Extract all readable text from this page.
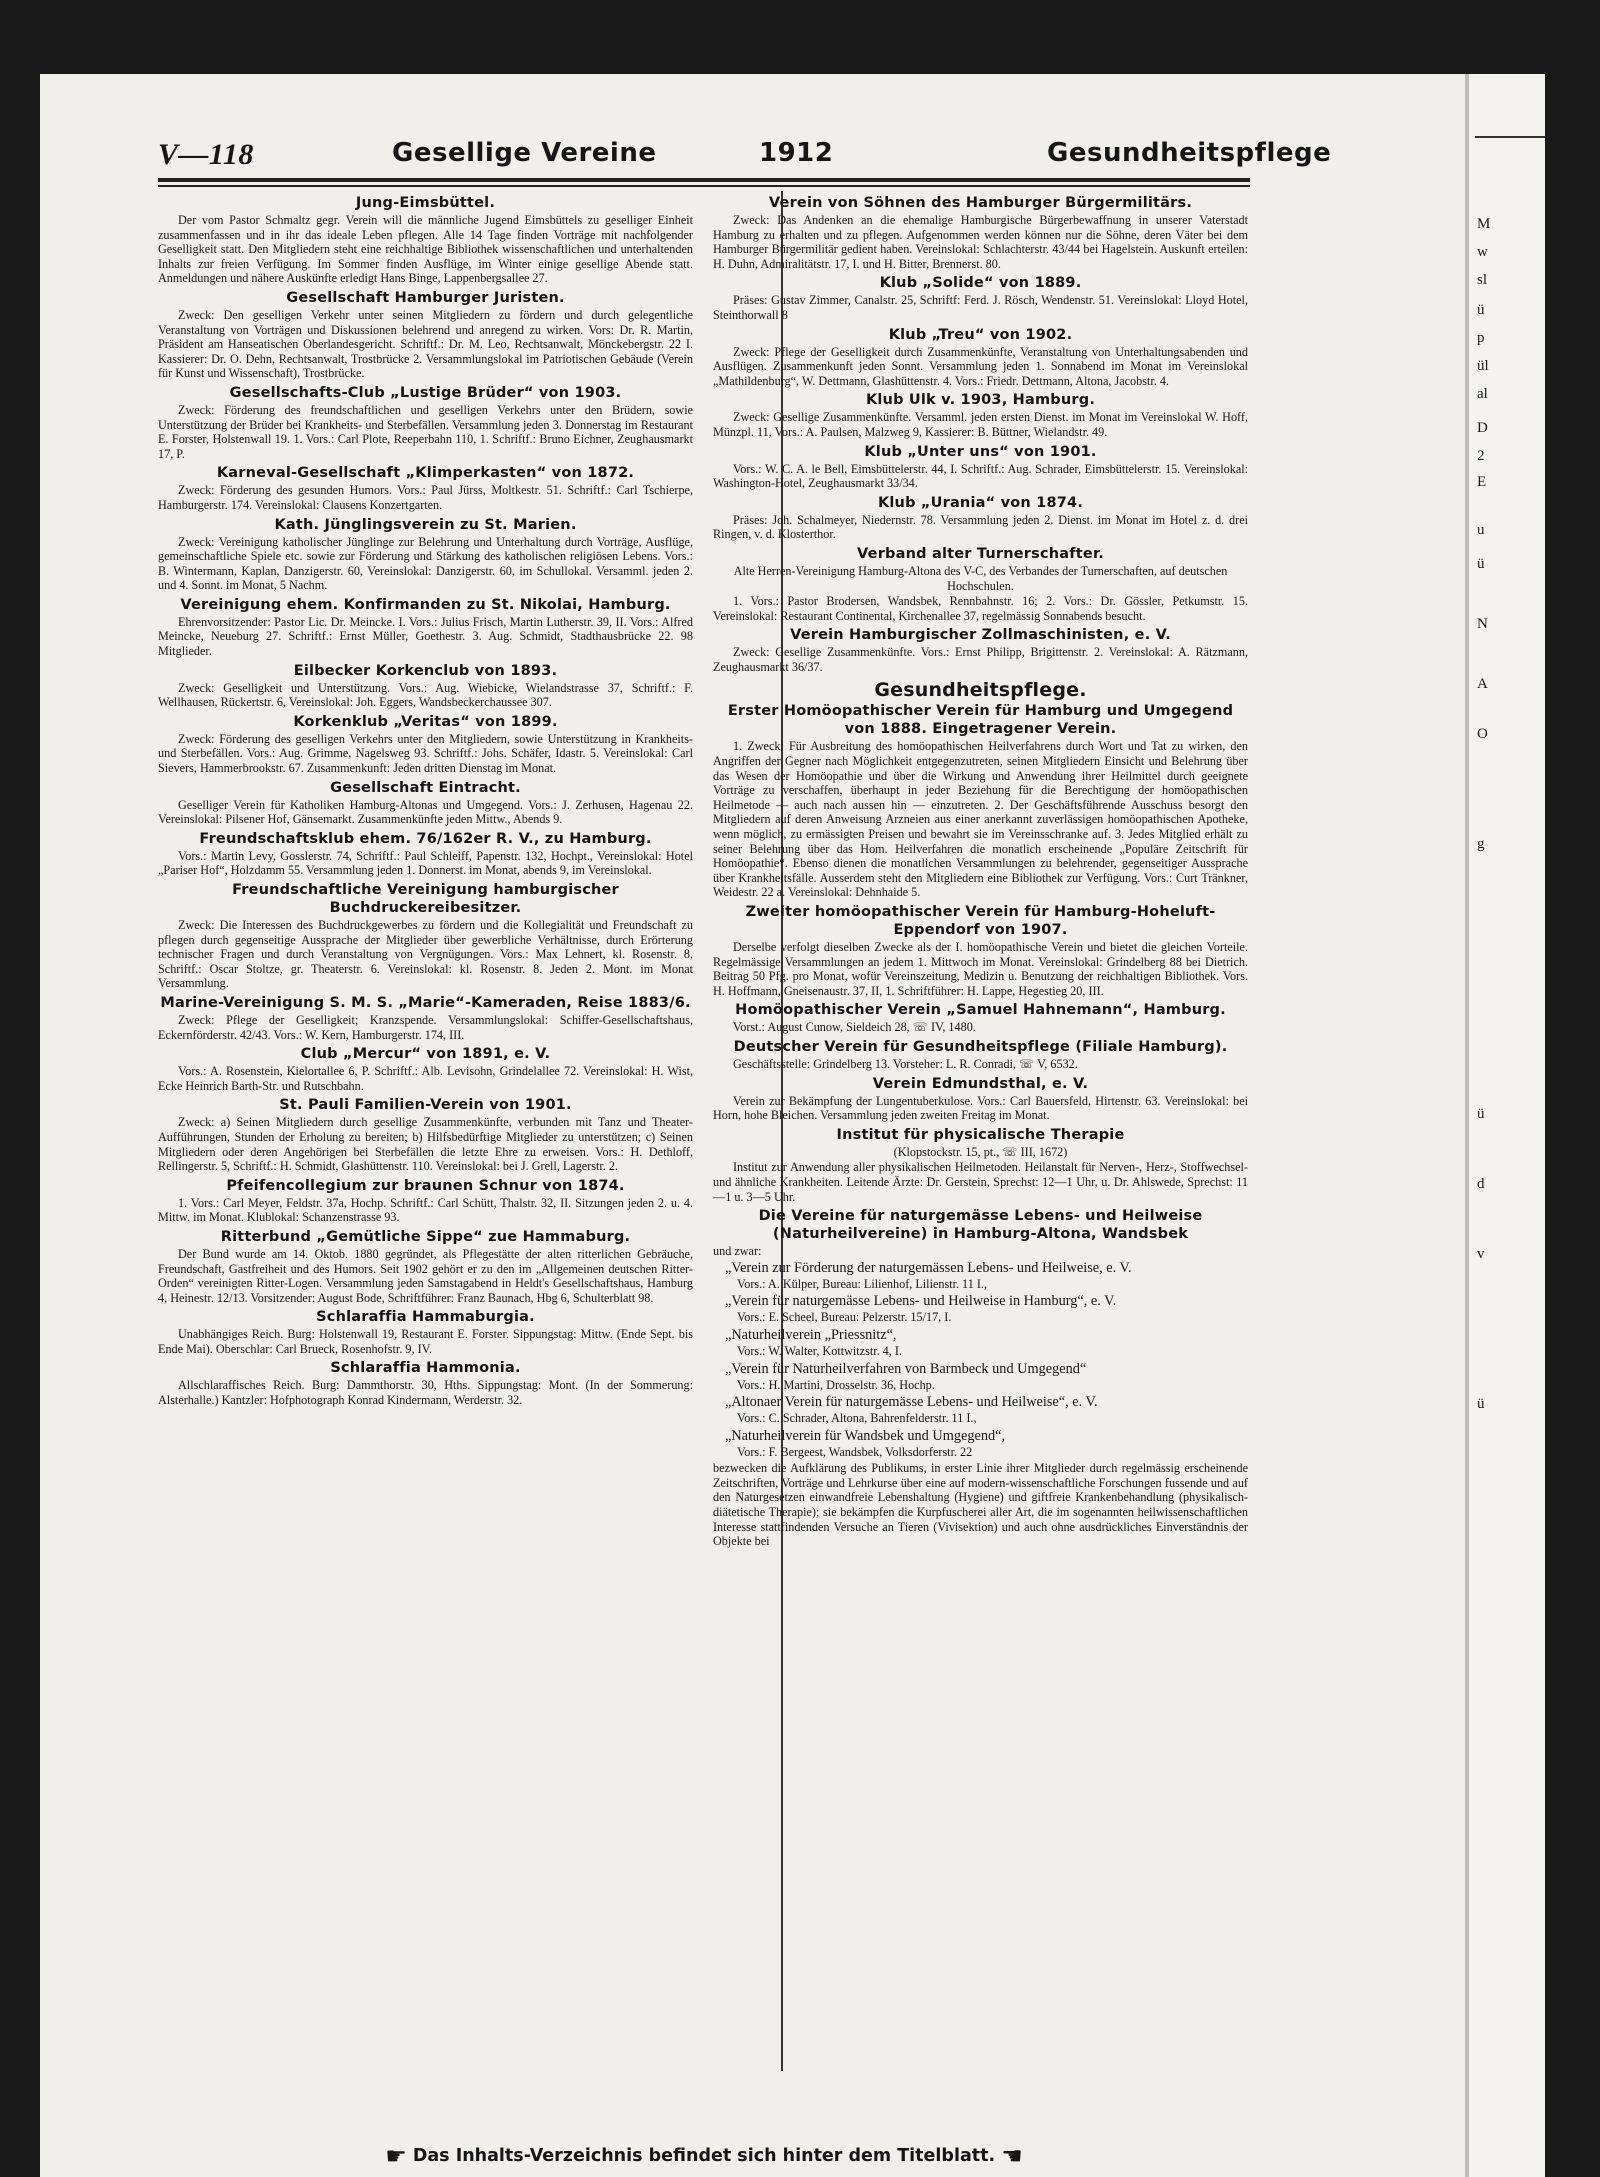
V—118	Gesellige Vereine	1912	Gesundheitspflege
Jung-Eimsbüttel.

Der vom Pastor Schmaltz gegr. Verein will die männliche Jugend Eimsbüttels zu geselliger Einheit zusammenfassen und in ihr das ideale Leben pflegen. Alle 14 Tage finden Vorträge mit nachfolgender Geselligkeit statt. Den Mitgliedern steht eine reichhaltige Bibliothek wissenschaftlichen und unterhaltenden Inhalts zur freien Verfügung. Im Sommer finden Ausflüge, im Winter einige gesellige Abende statt. Anmeldungen und nähere Auskünfte erledigt Hans Binge, Lappenbergsallee 27.

Gesellschaft Hamburger Juristen.

Zweck: Den geselligen Verkehr unter seinen Mitgliedern zu fördern und durch gelegentliche Veranstaltung von Vorträgen und Diskussionen belehrend und anregend zu wirken. Vors: Dr. R. Martin, Präsident am Hanseatischen Oberlandesgericht. Schriftf.: Dr. M. Leo, Rechtsanwalt, Mönckebergstr. 22 I. Kassierer: Dr. O. Dehn, Rechtsanwalt, Trostbrücke 2. Versammlungslokal im Patriotischen Gebäude (Verein für Kunst und Wissenschaft), Trostbrücke.

Gesellschafts-Club „Lustige Brüder“ von 1903.

Zweck: Förderung des freundschaftlichen und geselligen Verkehrs unter den Brüdern, sowie Unterstützung der Brüder bei Krankheits- und Sterbefällen. Versammlung jeden 3. Donnerstag im Restaurant E. Forster, Holstenwall 19. 1. Vors.: Carl Plote, Reeperbahn 110, 1. Schriftf.: Bruno Eichner, Zeughausmarkt 17, P.

Karneval-Gesellschaft „Klimperkasten“ von 1872.

Zweck: Förderung des gesunden Humors. Vors.: Paul Jürss, Moltkestr. 51. Schriftf.: Carl Tschierpe, Hamburgerstr. 174. Vereinslokal: Clausens Konzertgarten.

Kath. Jünglingsverein zu St. Marien.

Zweck: Vereinigung katholischer Jünglinge zur Belehrung und Unterhaltung durch Vorträge, Ausflüge, gemeinschaftliche Spiele etc. sowie zur Förderung und Stärkung des katholischen religiösen Lebens. Vors.: B. Wintermann, Kaplan, Danzigerstr. 60, Vereinslokal: Danzigerstr. 60, im Schullokal. Versamml. jeden 2. und 4. Sonnt. im Monat, 5 Nachm.

Vereinigung ehem. Konfirmanden zu St. Nikolai, Hamburg.

Ehrenvorsitzender: Pastor Lic. Dr. Meincke. I. Vors.: Julius Frisch, Martin Lutherstr. 39, II. Vors.: Alfred Meincke, Neueburg 27. Schriftf.: Ernst Müller, Goethestr. 3. Aug. Schmidt, Stadthausbrücke 22. 98 Mitglieder.

Eilbecker Korkenclub von 1893.

Zweck: Geselligkeit und Unterstützung. Vors.: Aug. Wiebicke, Wielandstrasse 37, Schriftf.: F. Wellhausen, Rückertstr. 6, Vereinslokal: Joh. Eggers, Wandsbeckerchaussee 307.

Korkenklub „Veritas“ von 1899.

Zweck: Förderung des geselligen Verkehrs unter den Mitgliedern, sowie Unterstützung in Krankheits- und Sterbefällen. Vors.: Aug. Grimme, Nagelsweg 93. Schriftf.: Johs. Schäfer, Idastr. 5. Vereinslokal: Carl Sievers, Hammerbrookstr. 67. Zusammenkunft: Jeden dritten Dienstag im Monat.

Gesellschaft Eintracht.

Geselliger Verein für Katholiken Hamburg-Altonas und Umgegend. Vors.: J. Zerhusen, Hagenau 22. Vereinslokal: Pilsener Hof, Gänsemarkt. Zusammenkünfte jeden Mittw., Abends 9.

Freundschaftsklub ehem. 76/162er R. V., zu Hamburg.

Vors.: Martin Levy, Gosslerstr. 74, Schriftf.: Paul Schleiff, Papenstr. 132, Hochpt., Vereinslokal: Hotel „Pariser Hof“, Holzdamm 55. Versammlung jeden 1. Donnerst. im Monat, abends 9, im Vereinslokal.

Freundschaftliche Vereinigung hamburgischer Buchdruckereibesitzer.

Zweck: Die Interessen des Buchdruckgewerbes zu fördern und die Kollegialität und Freundschaft zu pflegen durch gegenseitige Aussprache der Mitglieder über gewerbliche Verhältnisse, durch Erörterung technischer Fragen und durch Veranstaltung von Vergnügungen. Vors.: Max Lehnert, kl. Rosenstr. 8, Schriftf.: Oscar Stoltze, gr. Theaterstr. 6. Vereinslokal: kl. Rosenstr. 8. Jeden 2. Mont. im Monat Versammlung.

Marine-Vereinigung S. M. S. „Marie“-Kameraden, Reise 1883/6.

Zweck: Pflege der Geselligkeit; Kranzspende. Versammlungslokal: Schiffer-Gesellschaftshaus, Eckernförderstr. 42/43. Vors.: W. Kern, Hamburgerstr. 174, III.

Club „Mercur“ von 1891, e. V.

Vors.: A. Rosenstein, Kielortallee 6, P. Schriftf.: Alb. Levisohn, Grindelallee 72. Vereinslokal: H. Wist, Ecke Heinrich Barth-Str. und Rutschbahn.

St. Pauli Familien-Verein von 1901.

Zweck: a) Seinen Mitgliedern durch gesellige Zusammenkünfte, verbunden mit Tanz und Theater-Aufführungen, Stunden der Erholung zu bereiten; b) Hilfsbedürftige Mitglieder zu unterstützen; c) Seinen Mitgliedern oder deren Angehörigen bei Sterbefällen die letzte Ehre zu erweisen. Vors.: H. Dethloff, Rellingerstr. 5, Schriftf.: H. Schmidt, Glashüttenstr. 110. Vereinslokal: bei J. Grell, Lagerstr. 2.

Pfeifencollegium zur braunen Schnur von 1874.

1. Vors.: Carl Meyer, Feldstr. 37a, Hochp. Schriftf.: Carl Schütt, Thalstr. 32, II. Sitzungen jeden 2. u. 4. Mittw. im Monat. Klublokal: Schanzenstrasse 93.

Ritterbund „Gemütliche Sippe“ zue Hammaburg.

Der Bund wurde am 14. Oktob. 1880 gegründet, als Pflegestätte der alten ritterlichen Gebräuche, Freundschaft, Gastfreiheit und des Humors. Seit 1902 gehört er zu den im „Allgemeinen deutschen Ritter-Orden“ vereinigten Ritter-Logen. Versammlung jeden Samstagabend in Heldt's Gesellschaftshaus, Hamburg 4, Heinestr. 12/13. Vorsitzender: August Bode, Schriftführer: Franz Baunach, Hbg 6, Schulterblatt 98.

Schlaraffia Hammaburgia.

Unabhängiges Reich. Burg: Holstenwall 19, Restaurant E. Forster. Sippungstag: Mittw. (Ende Sept. bis Ende Mai). Oberschlar: Carl Brueck, Rosenhofstr. 9, IV.

Schlaraffia Hammonia.

Allschlaraffisches Reich. Burg: Dammthorstr. 30, Hths. Sippungstag: Mont. (In der Sommerung: Alsterhalle.) Kantzler: Hofphotograph Konrad Kindermann, Werderstr. 32.

Verein von Söhnen des Hamburger Bürgermilitärs.

Zweck: Das Andenken an die ehemalige Hamburgische Bürgerbewaffnung in unserer Vaterstadt Hamburg zu erhalten und zu pflegen. Aufgenommen werden können nur die Söhne, deren Väter bei dem Hamburger Bürgermilitär gedient haben. Vereinslokal: Schlachterstr. 43/44 bei Hagelstein. Auskunft erteilen: H. Duhn, Admiralitätstr. 17, I. und H. Bitter, Brennerst. 80.

Klub „Solide“ von 1889.

Präses: Gustav Zimmer, Canalstr. 25, Schriftf: Ferd. J. Rösch, Wendenstr. 51. Vereinslokal: Lloyd Hotel, Steinthorwall 8

Klub „Treu“ von 1902.

Zweck: Pflege der Geselligkeit durch Zusammenkünfte, Veranstaltung von Unterhaltungsabenden und Ausflügen. Zusammenkunft jeden Sonnt. Versammlung jeden 1. Sonnabend im Monat im Vereinslokal „Mathildenburg“, W. Dettmann, Glashüttenstr. 4. Vors.: Friedr. Dettmann, Altona, Jacobstr. 4.

Klub Ulk v. 1903, Hamburg.

Zweck: Gesellige Zusammenkünfte. Versamml. jeden ersten Dienst. im Monat im Vereinslokal W. Hoff, Münzpl. 11, Vors.: A. Paulsen, Malzweg 9, Kassierer: B. Büttner, Wielandstr. 49.

Klub „Unter uns“ von 1901.

Vors.: W. C. A. le Bell, Eimsbüttelerstr. 44, I. Schriftf.: Aug. Schrader, Eimsbüttelerstr. 15. Vereinslokal: Washington-Hotel, Zeughausmarkt 33/34.

Klub „Urania“ von 1874.

Präses: Joh. Schalmeyer, Niedernstr. 78. Versammlung jeden 2. Dienst. im Monat im Hotel z. d. drei Ringen, v. d. Klosterthor.

Verband alter Turnerschafter.

Alte Herren-Vereinigung Hamburg-Altona des V-C, des Verbandes der Turnerschaften, auf deutschen Hochschulen.

1. Vors.: Pastor Brodersen, Wandsbek, Rennbahnstr. 16; 2. Vors.: Dr. Gössler, Petkumstr. 15. Vereinslokal: Restaurant Continental, Kirchenallee 37, regelmässig Sonnabends besucht.

Verein Hamburgischer Zollmaschinisten, e. V.

Zweck: Gesellige Zusammenkünfte. Vors.: Ernst Philipp, Brigittenstr. 2. Vereinslokal: A. Rätzmann, Zeughausmarkt 36/37.

Gesundheitspflege.
Erster Homöopathischer Verein für Hamburg und Umgegend von 1888. Eingetragener Verein.

1. Zweck: Für Ausbreitung des homöopathischen Heilverfahrens durch Wort und Tat zu wirken, den Angriffen der Gegner nach Möglichkeit entgegenzutreten, seinen Mitgliedern Einsicht und Belehrung über das Wesen der Homöopathie und über die Wirkung und Anwendung ihrer Heilmittel durch geeignete Vorträge zu verschaffen, überhaupt in jeder Beziehung für die Berechtigung der homöopathischen Heilmetode — auch nach aussen hin — einzutreten. 2. Der Geschäftsführende Ausschuss besorgt den Mitgliedern auf deren Anweisung Arzneien aus einer anerkannt zuverlässigen homöopathischen Apotheke, wenn möglich, zu ermässigten Preisen und bewahrt sie im Vereinsschranke auf. 3. Jedes Mitglied erhält zu seiner Belehrung über das Hom. Heilverfahren die monatlich erscheinende „Populäre Zeitschrift für Homöopathie“. Ebenso dienen die monatlichen Versammlungen zu belehrender, gegenseitiger Aussprache über Krankheitsfälle. Ausserdem steht den Mitgliedern eine Bibliothek zur Verfügung. Vors.: Curt Tränkner, Weidestr. 22 a. Vereinslokal: Dehnhaide 5.

Zweiter homöopathischer Verein für Hamburg-Hoheluft-Eppendorf von 1907.

Derselbe verfolgt dieselben Zwecke als der I. homöopathische Verein und bietet die gleichen Vorteile. Regelmässige Versammlungen an jedem 1. Mittwoch im Monat. Vereinslokal: Grindelberg 88 bei Dietrich. Beitrag 50 Pfg. pro Monat, wofür Vereinszeitung, Medizin u. Benutzung der reichhaltigen Bibliothek. Vors. H. Hoffmann, Gneisenaustr. 37, II, 1. Schriftführer: H. Lappe, Hegestieg 20, III.

Homöopathischer Verein „Samuel Hahnemann“, Hamburg.

Vorst.: August Cunow, Sieldeich 28, ☏ IV, 1480.

Deutscher Verein für Gesundheitspflege (Filiale Hamburg).

Geschäftsstelle: Grindelberg 13. Vorsteher: L. R. Conradi, ☏ V, 6532.

Verein Edmundsthal, e. V.

Verein zur Bekämpfung der Lungentuberkulose. Vors.: Carl Bauersfeld, Hirtenstr. 63. Vereinslokal: bei Horn, hohe Bleichen. Versammlung jeden zweiten Freitag im Monat.

Institut für physicalische Therapie

(Klopstockstr. 15, pt., ☏ III, 1672)

Institut zur Anwendung aller physikalischen Heilmetoden. Heilanstalt für Nerven-, Herz-, Stoffwechsel- und ähnliche Krankheiten. Leitende Ärzte: Dr. Gerstein, Sprechst: 12—1 Uhr, u. Dr. Ahlswede, Sprechst: 11—1 u. 3—5 Uhr.

Die Vereine für naturgemässe Lebens- und Heilweise (Naturheilvereine) in Hamburg-Altona, Wandsbek

und zwar:

„Verein zur Förderung der naturgemässen Lebens- und Heilweise, e. V.
Vors.: A. Külper, Bureau: Lilienhof, Lilienstr. 11 I.,
„Verein für naturgemässe Lebens- und Heilweise in Hamburg“, e. V.
Vors.: E. Scheel, Bureau: Pelzerstr. 15/17, I.
„Naturheilverein „Priessnitz“,
Vors.: W. Walter, Kottwitzstr. 4, I.
„Verein für Naturheilverfahren von Barmbeck und Umgegend“
Vors.: H. Martini, Drosselstr. 36, Hochp.
„Altonaer Verein für naturgemässe Lebens- und Heilweise“, e. V.
Vors.: C. Schrader, Altona, Bahrenfelderstr. 11 I.,
„Naturheilverein für Wandsbek und Umgegend“,
Vors.: F. Bergeest, Wandsbek, Volksdorferstr. 22

bezwecken die Aufklärung des Publikums, in erster Linie ihrer Mitglieder durch regelmässig erscheinende Zeitschriften, Vorträge und Lehrkurse über eine auf modern-wissenschaftliche Forschungen fussende und auf den Naturgesetzen einwandfreie Lebenshaltung (Hygiene) und giftfreie Krankenbehandlung (physikalisch-diätetische Therapie); sie bekämpfen die Kurpfuscherei aller Art, die im sogenannten heilwissenschaftlichen Interesse stattfindenden Versuche an Tieren (Vivisektion) und auch ohne ausdrückliches Einverständnis der Objekte bei

☛ Das Inhalts-Verzeichnis befindet sich hinter dem Titelblatt. ☚
M
w
sl
ü
p
ül
al
D
2
E
u
ü
N
A
O
g
ü
d
v
ü
